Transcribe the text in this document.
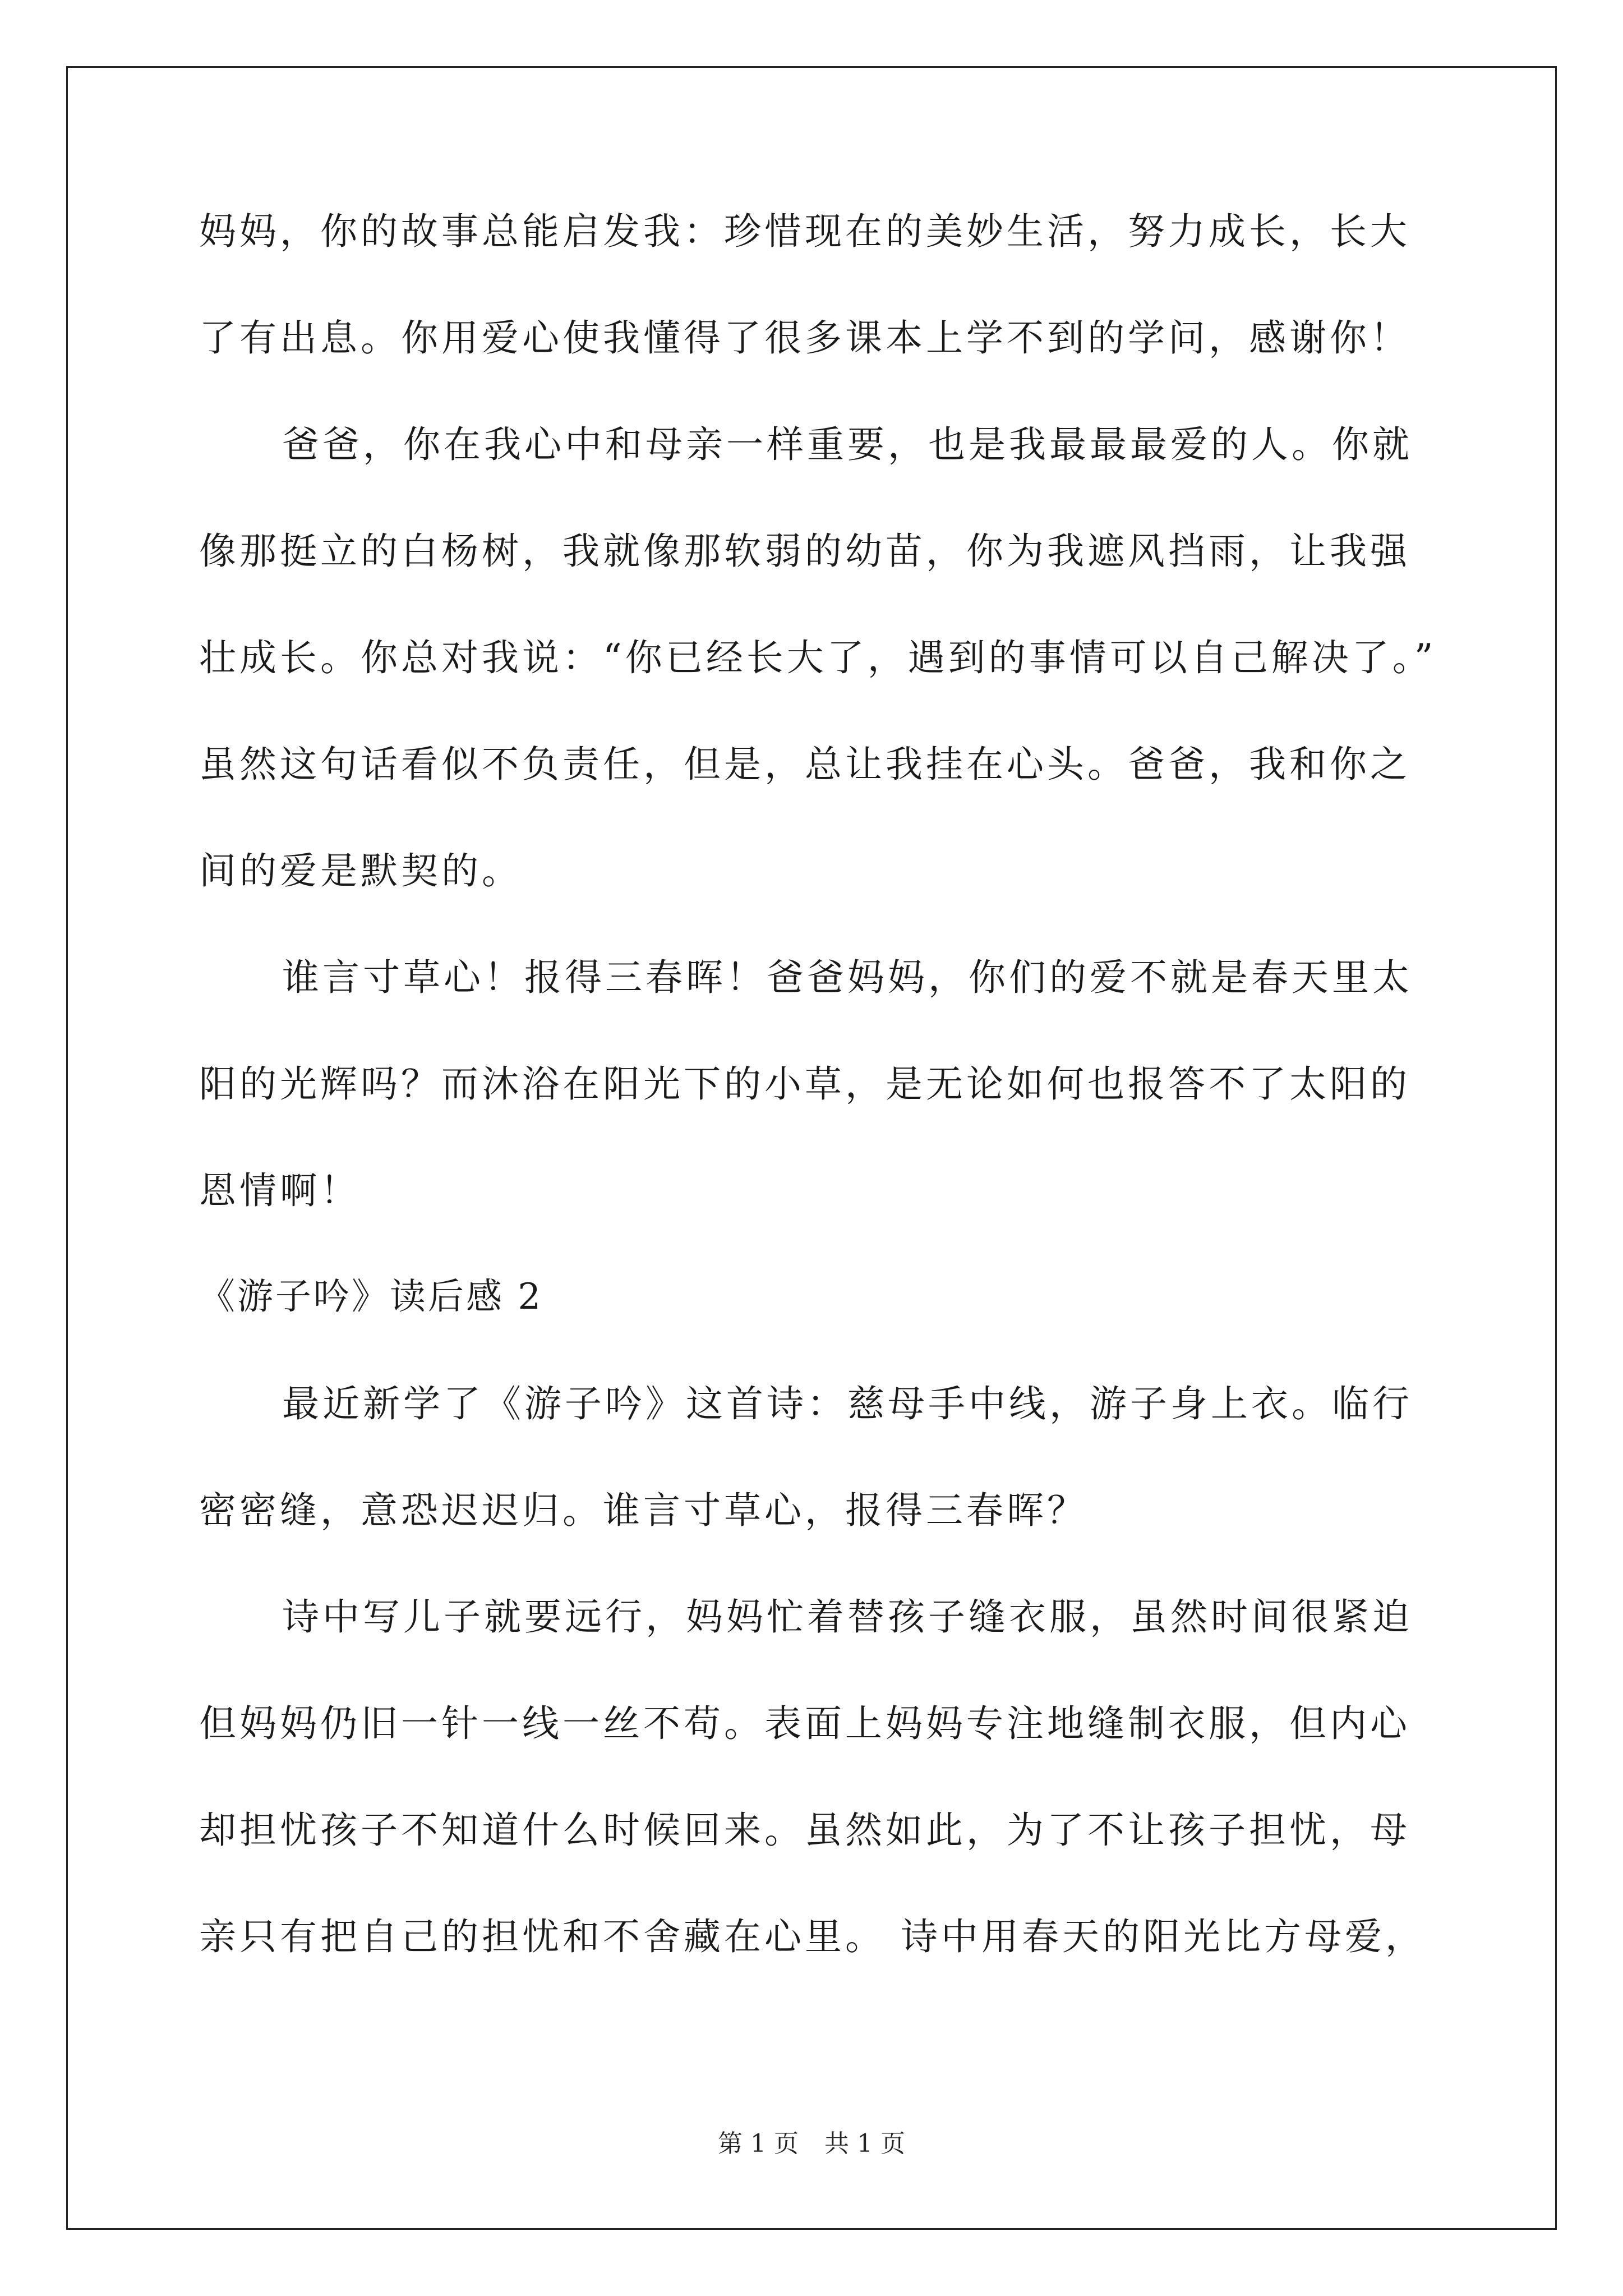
妈妈，你的故事总能启发我：珍惜现在的美妙生活，努力成长，长大
了有出息。你用爱心使我懂得了很多课本上学不到的学问，感谢你！
爸爸，你在我心中和母亲一样重要，也是我最最最爱的人。你就
像那挺立的白杨树，我就像那软弱的幼苗，你为我遮风挡雨，让我强
壮成长。你总对我说：“你已经长大了，遇到的事情可以自己解决了。”
虽然这句话看似不负责任，但是，总让我挂在心头。爸爸，我和你之
间的爱是默契的。
谁言寸草心！报得三春晖！爸爸妈妈，你们的爱不就是春天里太
阳的光辉吗？而沐浴在阳光下的小草，是无论如何也报答不了太阳的
恩情啊！
《游子吟》读后感 2
最近新学了《游子吟》这首诗：慈母手中线，游子身上衣。临行
密密缝，意恐迟迟归。谁言寸草心，报得三春晖？
诗中写儿子就要远行，妈妈忙着替孩子缝衣服，虽然时间很紧迫
但妈妈仍旧一针一线一丝不苟。表面上妈妈专注地缝制衣服，但内心
却担忧孩子不知道什么时候回来。虽然如此，为了不让孩子担忧，母
亲只有把自己的担忧和不舍藏在心里。 诗中用春天的阳光比方母爱，
第 1 页 共 1 页
